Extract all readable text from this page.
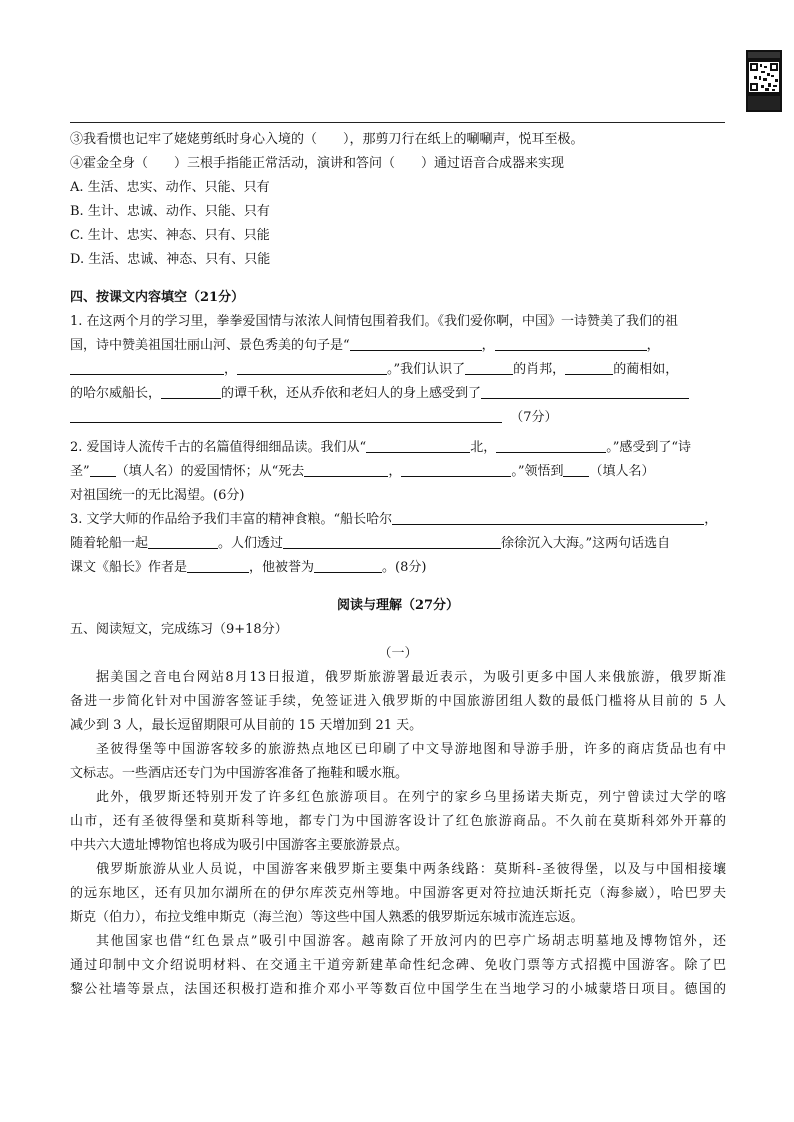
③我看惯也记牢了姥姥剪纸时身心入境的（　　），那剪刀行在纸上的唰唰声，悦耳至极。
④霍金全身（　　）三根手指能正常活动，演讲和答问（　　）通过语音合成器来实现
A. 生活、忠实、动作、只能、只有
B. 生计、忠诚、动作、只能、只有
C. 生计、忠实、神态、只有、只能
D. 生活、忠诚、神态、只有、只能
四、按课文内容填空（21分）
1. 在这两个月的学习里，拳拳爱国情与浓浓人间情包围着我们。《我们爱你啊，中国》一诗赞美了我们的祖
国，诗中赞美祖国壮丽山河、景色秀美的句子是“	，	，
，	。”我们认识了	的肖邦，	的蔺相如，
的哈尔威船长，	的谭千秋，还从乔依和老妇人的身上感受到了
（7分）
2. 爱国诗人流传千古的名篇值得细细品读。我们从“	北，	。”感受到了“诗
圣” （填人名）的爱国情怀；从“死去	，	。”领悟到 （填人名）
对祖国统一的无比渴望。(6分)
3. 文学大师的作品给予我们丰富的精神食粮。“船长哈尔	，
随着轮船一起	。人们透过	徐徐沉入大海。”这两句话选自
课文《船长》作者是	，他被誉为	。(8分)
阅读与理解（27分）
五、阅读短文，完成练习（9+18分）
（一）
据美国之音电台网站8月13日报道，俄罗斯旅游署最近表示，为吸引更多中国人来俄旅游，俄罗斯准
备进一步简化针对中国游客签证手续，免签证进入俄罗斯的中国旅游团组人数的最低门槛将从目前的 5 人
减少到 3 人，最长逗留期限可从目前的 15 天增加到 21 天。
圣彼得堡等中国游客较多的旅游热点地区已印刷了中文导游地图和导游手册，许多的商店货品也有中
文标志。一些酒店还专门为中国游客准备了拖鞋和暖水瓶。
此外，俄罗斯还特别开发了许多红色旅游项目。在列宁的家乡乌里扬诺夫斯克，列宁曾读过大学的喀
山市，还有圣彼得堡和莫斯科等地，都专门为中国游客设计了红色旅游商品。不久前在莫斯科郊外开幕的
中共六大遗址博物馆也将成为吸引中国游客主要旅游景点。
俄罗斯旅游从业人员说，中国游客来俄罗斯主要集中两条线路：莫斯科-圣彼得堡，以及与中国相接壤
的远东地区，还有贝加尔湖所在的伊尔库茨克州等地。中国游客更对符拉迪沃斯托克（海参崴），哈巴罗夫
斯克（伯力），布拉戈维申斯克（海兰泡）等这些中国人熟悉的俄罗斯远东城市流连忘返。
其他国家也借“红色景点”吸引中国游客。越南除了开放河内的巴亭广场胡志明墓地及博物馆外，还
通过印制中文介绍说明材料、在交通主干道旁新建革命性纪念碑、免收门票等方式招揽中国游客。除了巴
黎公社墙等景点，法国还积极打造和推介邓小平等数百位中国学生在当地学习的小城蒙塔日项目。德国的
